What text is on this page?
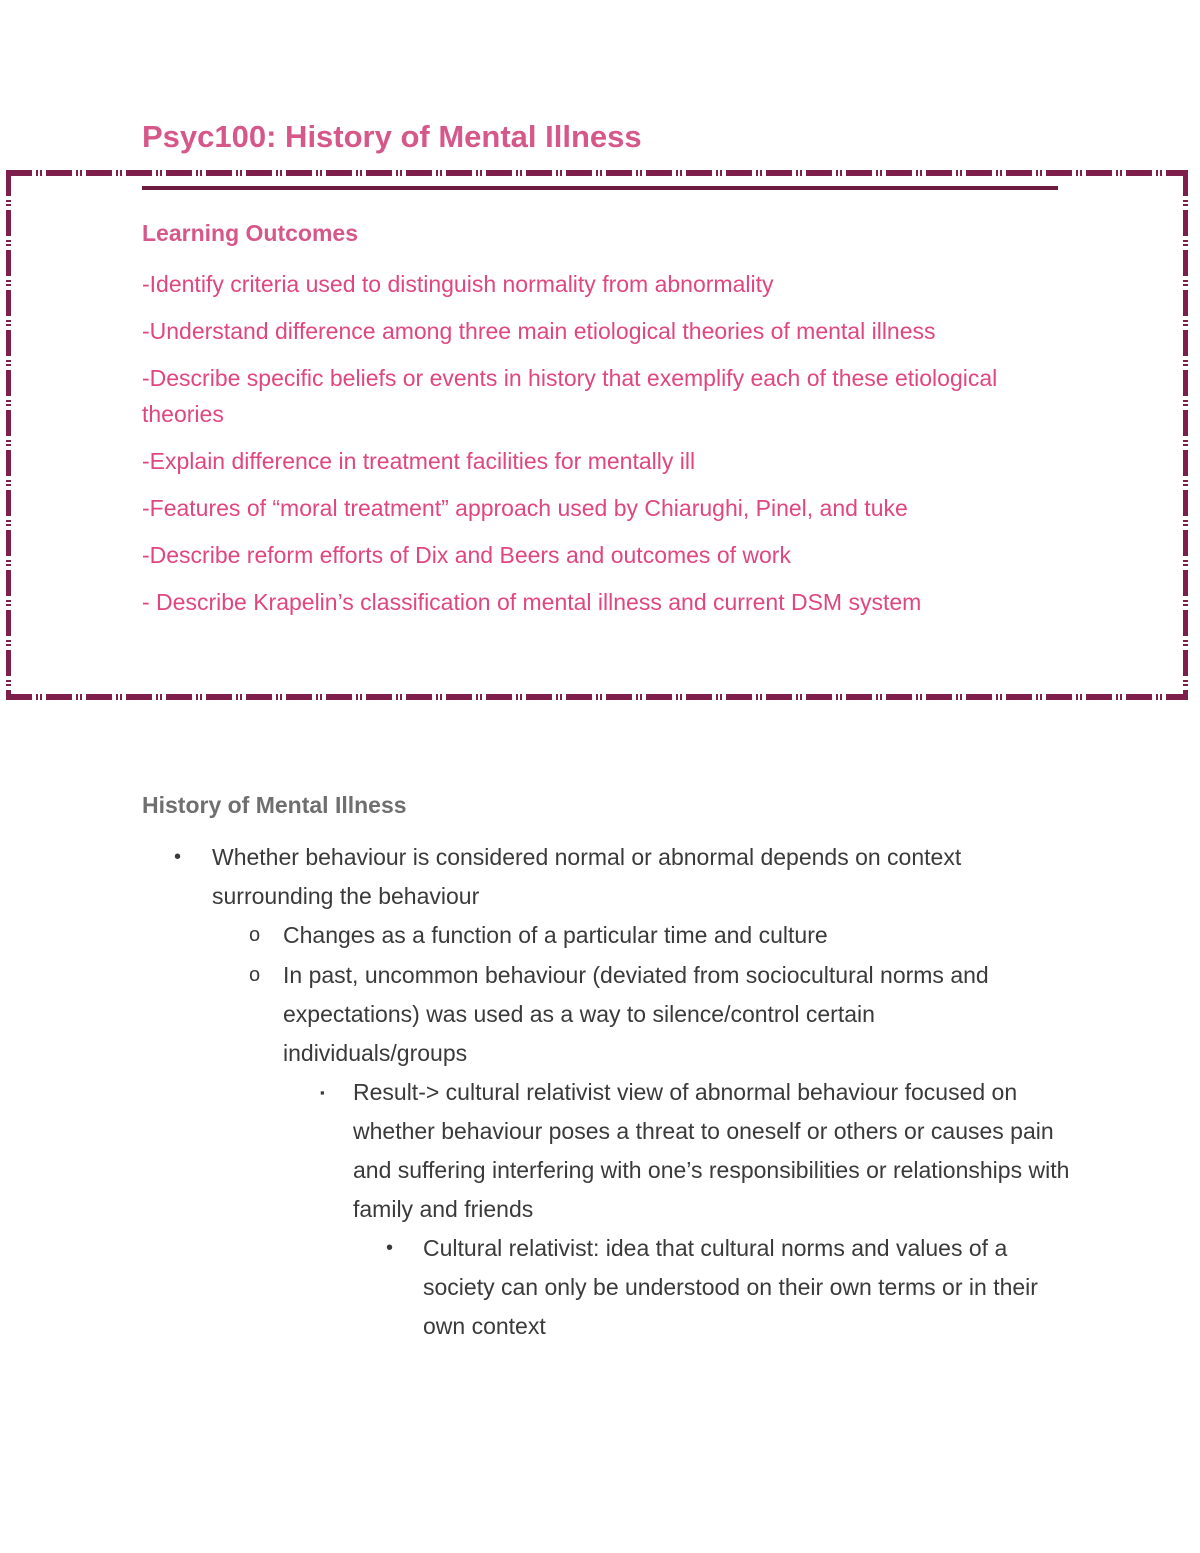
Psyc100: History of Mental Illness
Learning Outcomes
-Identify criteria used to distinguish normality from abnormality
-Understand difference among three main etiological theories of mental illness
-Describe specific beliefs or events in history that exemplify each of these etiological theories
-Explain difference in treatment facilities for mentally ill
-Features of “moral treatment” approach used by Chiarughi, Pinel, and tuke
-Describe reform efforts of Dix and Beers and outcomes of work
- Describe Krapelin’s classification of mental illness and current DSM system
History of Mental Illness
• Whether behaviour is considered normal or abnormal depends on context surrounding the behaviour
o Changes as a function of a particular time and culture
o In past, uncommon behaviour (deviated from sociocultural norms and expectations) was used as a way to silence/control certain individuals/groups
▪ Result-> cultural relativist view of abnormal behaviour focused on whether behaviour poses a threat to oneself or others or causes pain and suffering interfering with one’s responsibilities or relationships with family and friends
• Cultural relativist: idea that cultural norms and values of a society can only be understood on their own terms or in their own context
